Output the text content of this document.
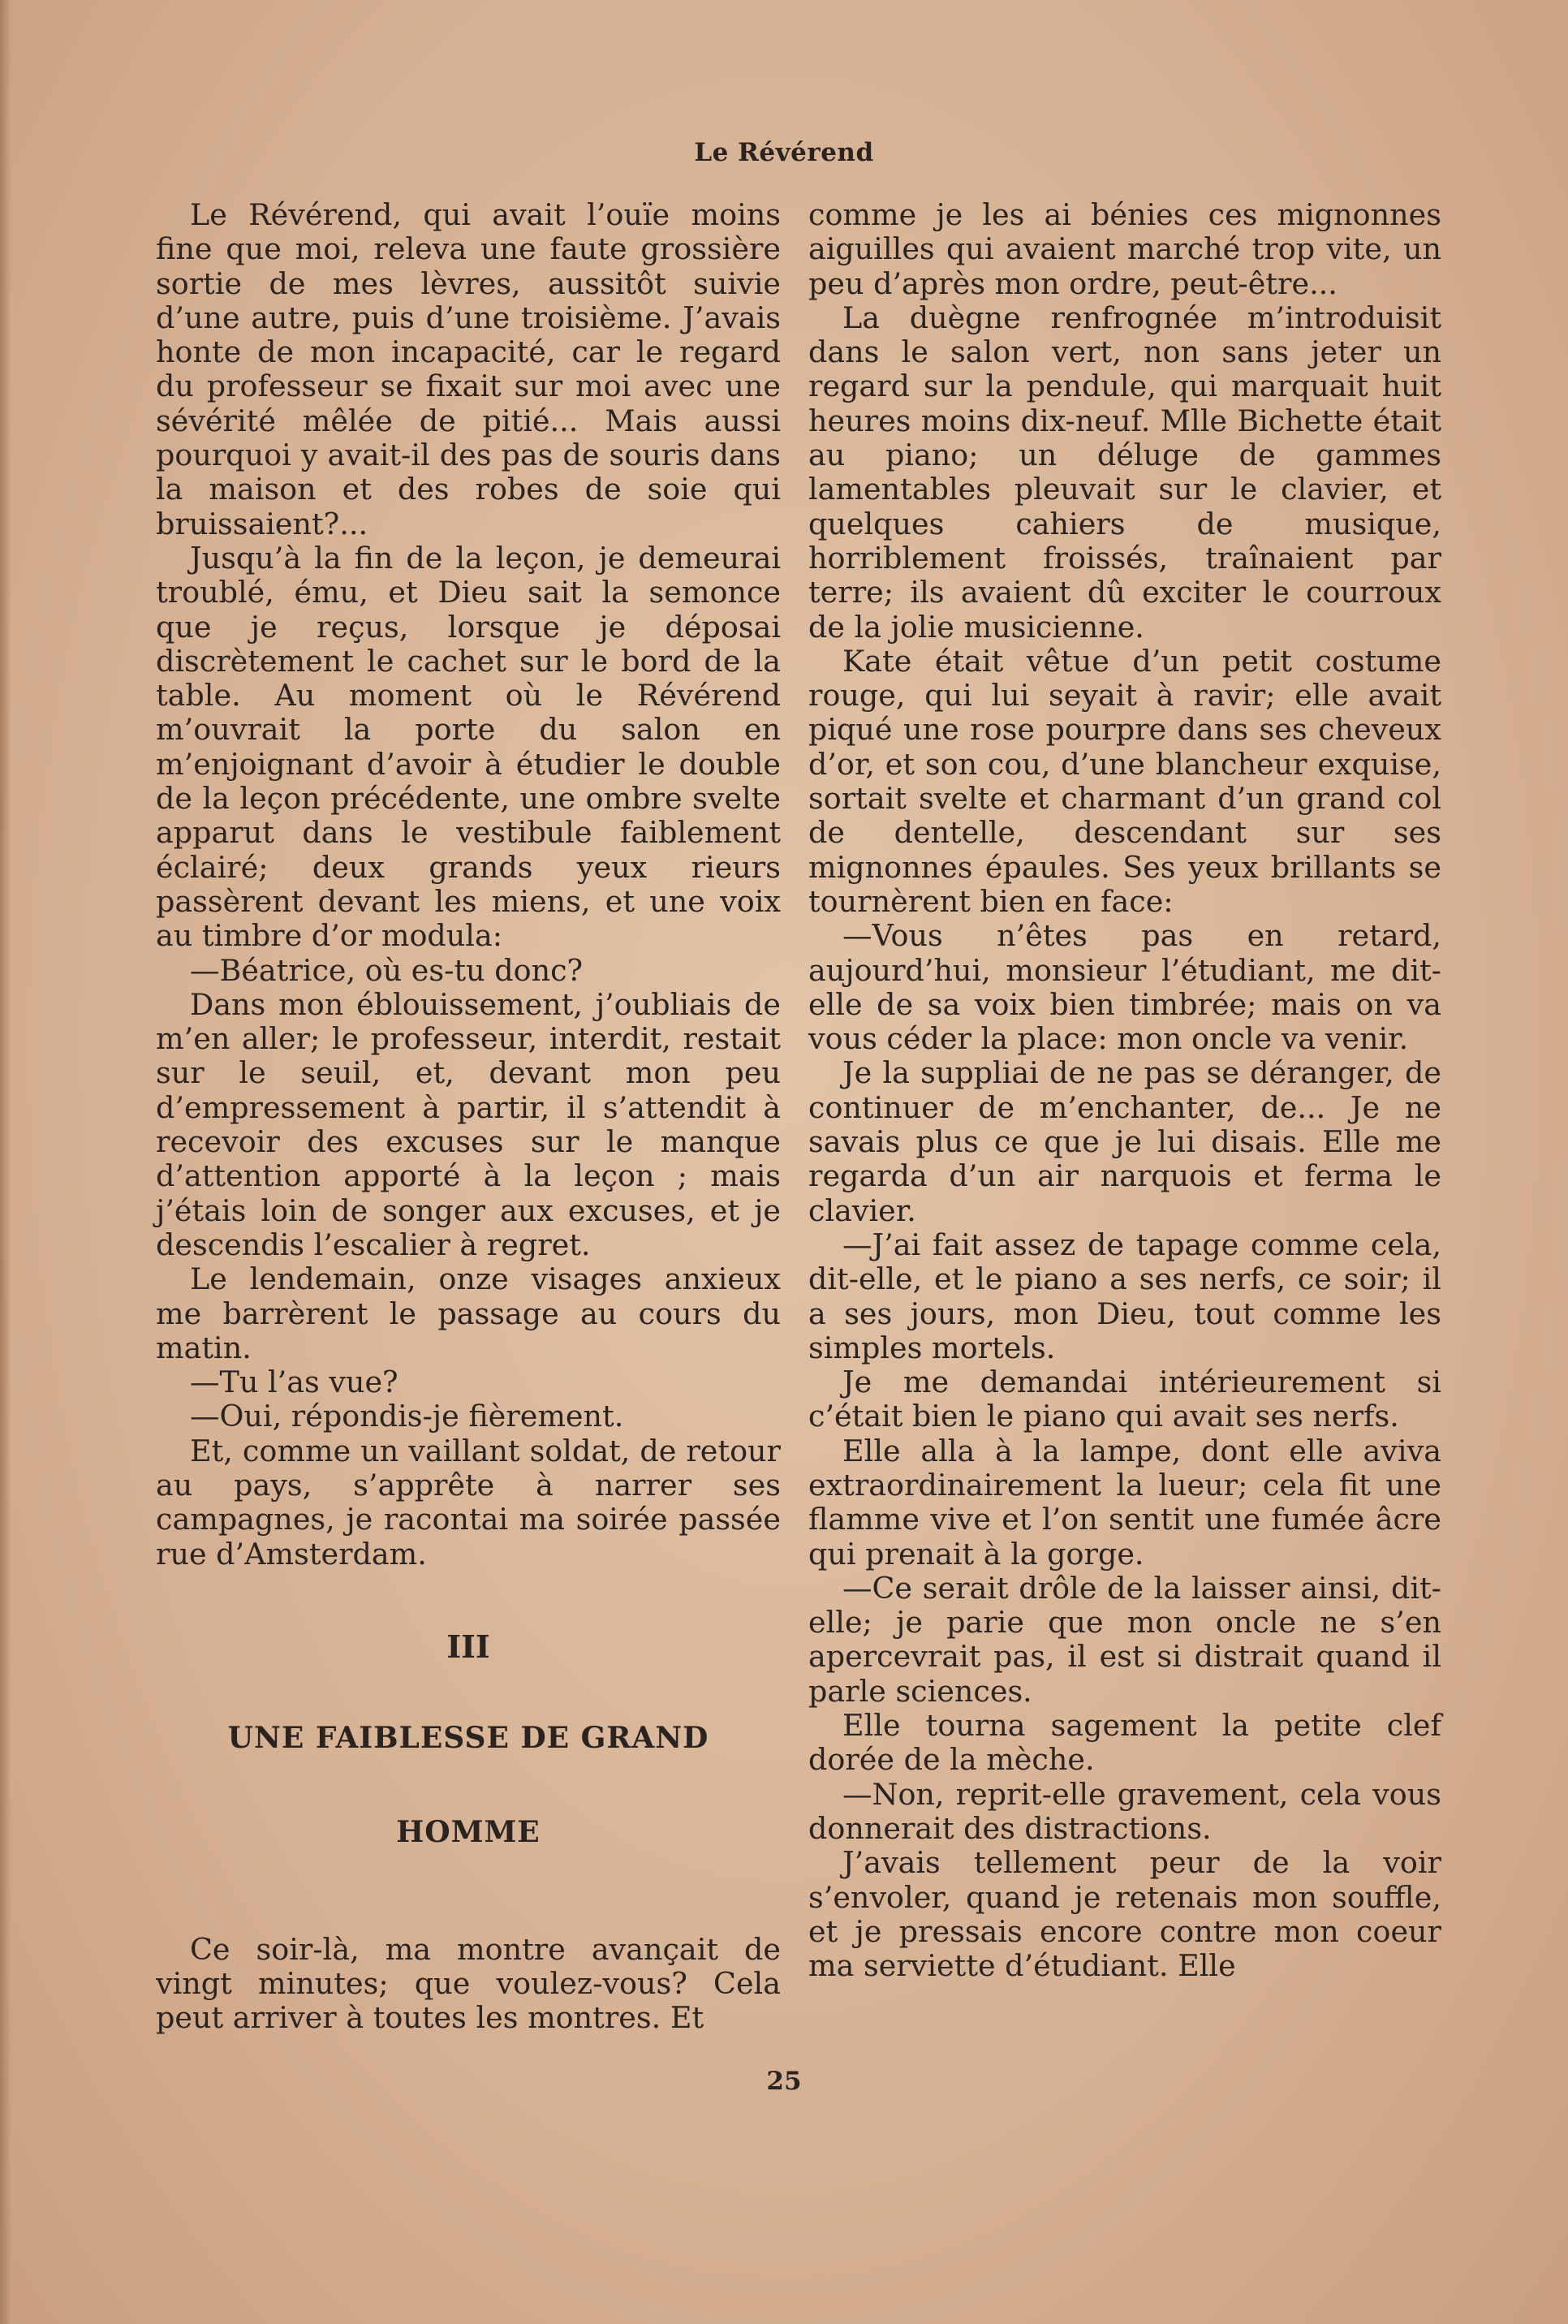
Le Révérend

Le Révérend, qui avait l’ouïe moins fine que moi, releva une faute grossière sortie de mes lèvres, aussitôt suivie d’une autre, puis d’une troisième. J’avais honte de mon incapacité, car le regard du professeur se fixait sur moi avec une sévérité mêlée de pitié... Mais aussi pourquoi y avait-il des pas de souris dans la maison et des robes de soie qui bruissaient?...

Jusqu’à la fin de la leçon, je demeurai troublé, ému, et Dieu sait la semonce que je reçus, lorsque je déposai discrètement le cachet sur le bord de la table. Au moment où le Révérend m’ouvrait la porte du salon en m’enjoignant d’avoir à étudier le double de la leçon précédente, une ombre svelte apparut dans le vestibule faiblement éclairé; deux grands yeux rieurs passèrent devant les miens, et une voix au timbre d’or modula:

—Béatrice, où es-tu donc?

Dans mon éblouissement, j’oubliais de m’en aller; le professeur, interdit, restait sur le seuil, et, devant mon peu d’empressement à partir, il s’attendit à recevoir des excuses sur le manque d’attention apporté à la leçon ; mais j’étais loin de songer aux excuses, et je descendis l’escalier à regret.

Le lendemain, onze visages anxieux me barrèrent le passage au cours du matin.

—Tu l’as vue?

—Oui, répondis-je fièrement.

Et, comme un vaillant soldat, de retour au pays, s’apprête à narrer ses campagnes, je racontai ma soirée passée rue d’Amsterdam.

III

UNE FAIBLESSE DE GRAND

HOMME

Ce soir-là, ma montre avançait de vingt minutes; que voulez-vous? Cela peut arriver à toutes les montres. Et

comme je les ai bénies ces mignonnes aiguilles qui avaient marché trop vite, un peu d’après mon ordre, peut-être...

La duègne renfrognée m’introduisit dans le salon vert, non sans jeter un regard sur la pendule, qui marquait huit heures moins dix-neuf. Mlle Bichette était au piano; un déluge de gammes lamentables pleuvait sur le clavier, et quelques cahiers de musique, horriblement froissés, traînaient par terre; ils avaient dû exciter le courroux de la jolie musicienne.

Kate était vêtue d’un petit costume rouge, qui lui seyait à ravir; elle avait piqué une rose pourpre dans ses cheveux d’or, et son cou, d’une blancheur exquise, sortait svelte et charmant d’un grand col de dentelle, descendant sur ses mignonnes épaules. Ses yeux brillants se tournèrent bien en face:

—Vous n’êtes pas en retard, aujourd’hui, monsieur l’étudiant, me dit-elle de sa voix bien timbrée; mais on va vous céder la place: mon oncle va venir.

Je la suppliai de ne pas se déranger, de continuer de m’enchanter, de... Je ne savais plus ce que je lui disais. Elle me regarda d’un air narquois et ferma le clavier.

—J’ai fait assez de tapage comme cela, dit-elle, et le piano a ses nerfs, ce soir; il a ses jours, mon Dieu, tout comme les simples mortels.

Je me demandai intérieurement si c’était bien le piano qui avait ses nerfs.

Elle alla à la lampe, dont elle aviva extraordinairement la lueur; cela fit une flamme vive et l’on sentit une fumée âcre qui prenait à la gorge.

—Ce serait drôle de la laisser ainsi, dit-elle; je parie que mon oncle ne s’en apercevrait pas, il est si distrait quand il parle sciences.

Elle tourna sagement la petite clef dorée de la mèche.

—Non, reprit-elle gravement, cela vous donnerait des distractions.

J’avais tellement peur de la voir s’envoler, quand je retenais mon souffle, et je pressais encore contre mon coeur ma serviette d’étudiant. Elle

25
